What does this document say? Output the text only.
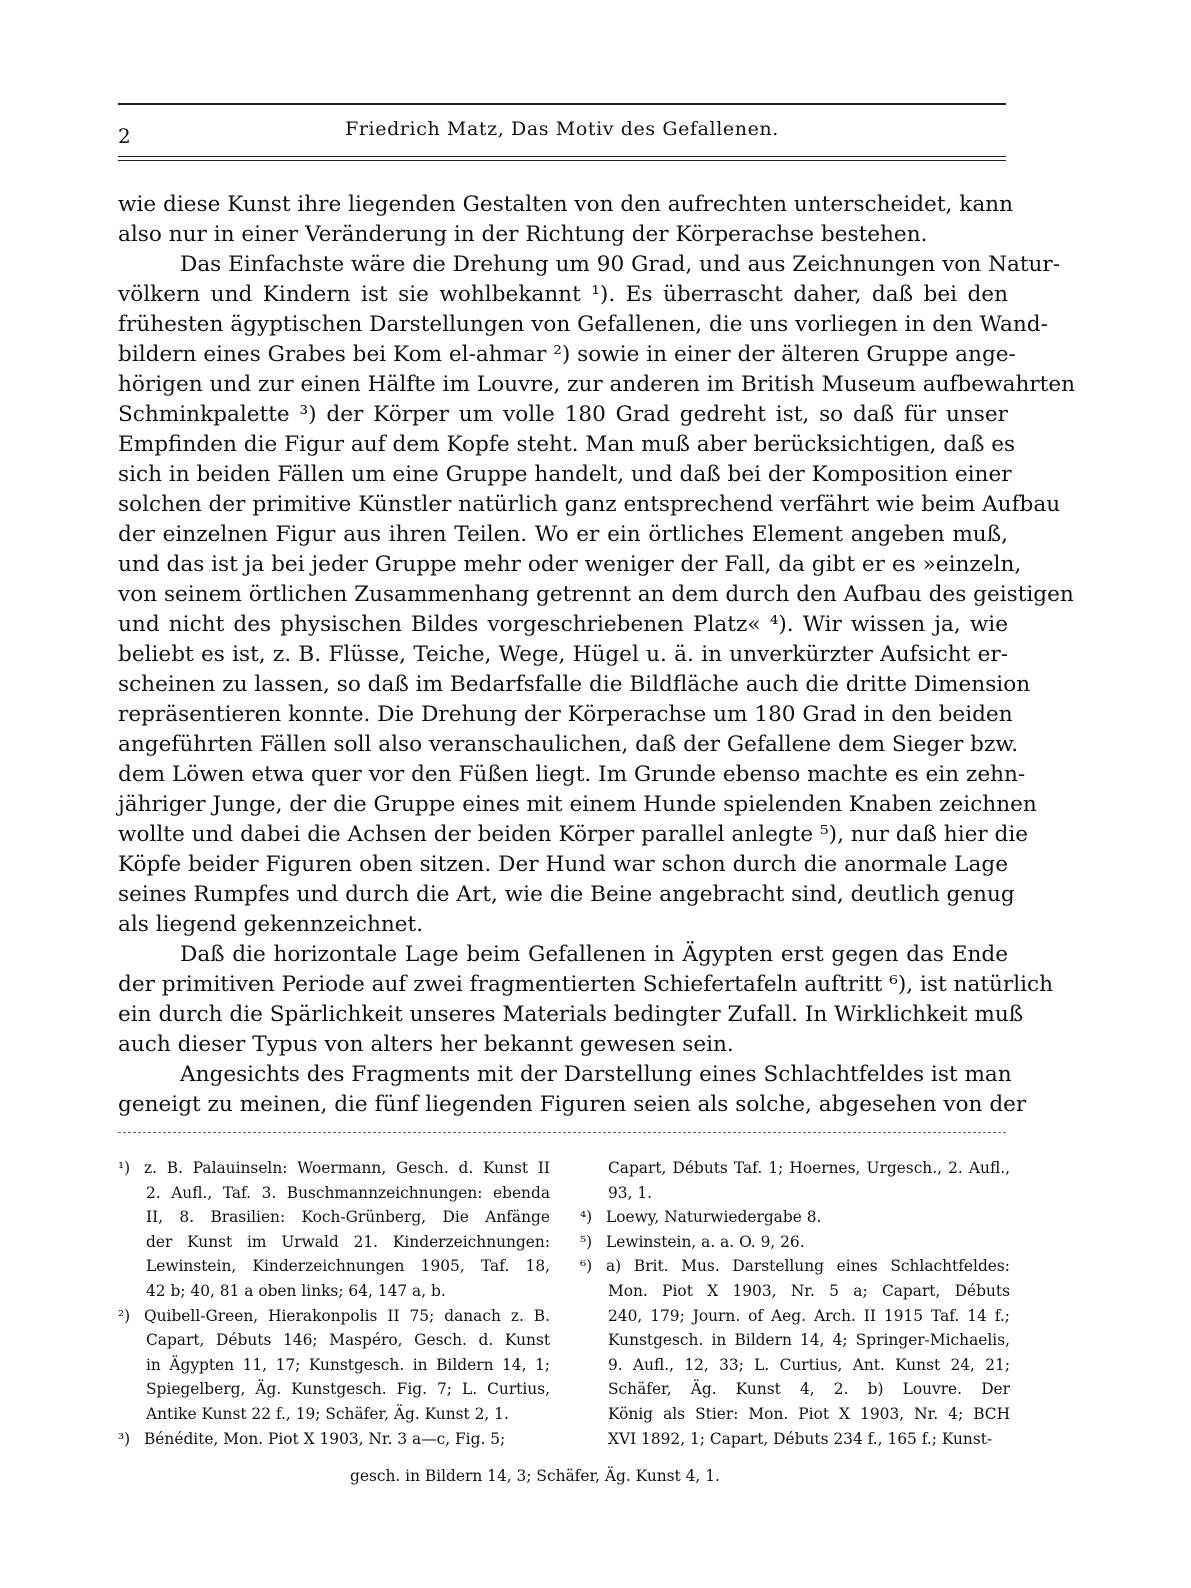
2	Friedrich Matz, Das Motiv des Gefallenen.
wie diese Kunst ihre liegenden Gestalten von den aufrechten unterscheidet, kann
also nur in einer Veränderung in der Richtung der Körperachse bestehen.
Das Einfachste wäre die Drehung um 90 Grad, und aus Zeichnungen von Natur-
völkern und Kindern ist sie wohlbekannt ¹). Es überrascht daher, daß bei den
frühesten ägyptischen Darstellungen von Gefallenen, die uns vorliegen in den Wand-
bildern eines Grabes bei Kom el-ahmar ²) sowie in einer der älteren Gruppe ange-
hörigen und zur einen Hälfte im Louvre, zur anderen im British Museum aufbewahrten
Schminkpalette ³) der Körper um volle 180 Grad gedreht ist, so daß für unser
Empfinden die Figur auf dem Kopfe steht. Man muß aber berücksichtigen, daß es
sich in beiden Fällen um eine Gruppe handelt, und daß bei der Komposition einer
solchen der primitive Künstler natürlich ganz entsprechend verfährt wie beim Aufbau
der einzelnen Figur aus ihren Teilen. Wo er ein örtliches Element angeben muß,
und das ist ja bei jeder Gruppe mehr oder weniger der Fall, da gibt er es »einzeln,
von seinem örtlichen Zusammenhang getrennt an dem durch den Aufbau des geistigen
und nicht des physischen Bildes vorgeschriebenen Platz« ⁴). Wir wissen ja, wie
beliebt es ist, z. B. Flüsse, Teiche, Wege, Hügel u. ä. in unverkürzter Aufsicht er-
scheinen zu lassen, so daß im Bedarfsfalle die Bildfläche auch die dritte Dimension
repräsentieren konnte. Die Drehung der Körperachse um 180 Grad in den beiden
angeführten Fällen soll also veranschaulichen, daß der Gefallene dem Sieger bzw.
dem Löwen etwa quer vor den Füßen liegt. Im Grunde ebenso machte es ein zehn-
jähriger Junge, der die Gruppe eines mit einem Hunde spielenden Knaben zeichnen
wollte und dabei die Achsen der beiden Körper parallel anlegte ⁵), nur daß hier die
Köpfe beider Figuren oben sitzen. Der Hund war schon durch die anormale Lage
seines Rumpfes und durch die Art, wie die Beine angebracht sind, deutlich genug
als liegend gekennzeichnet.
Daß die horizontale Lage beim Gefallenen in Ägypten erst gegen das Ende
der primitiven Periode auf zwei fragmentierten Schiefertafeln auftritt ⁶), ist natürlich
ein durch die Spärlichkeit unseres Materials bedingter Zufall. In Wirklichkeit muß
auch dieser Typus von alters her bekannt gewesen sein.
Angesichts des Fragments mit der Darstellung eines Schlachtfeldes ist man
geneigt zu meinen, die fünf liegenden Figuren seien als solche, abgesehen von der
¹) z. B. Palauinseln: Woermann, Gesch. d. Kunst II
2. Aufl., Taf. 3. Buschmannzeichnungen: ebenda
II, 8. Brasilien: Koch-Grünberg, Die Anfänge
der Kunst im Urwald 21. Kinderzeichnungen:
Lewinstein, Kinderzeichnungen 1905, Taf. 18,
42 b; 40, 81 a oben links; 64, 147 a, b.
²) Quibell-Green, Hierakonpolis II 75; danach z. B.
Capart, Débuts 146; Maspéro, Gesch. d. Kunst
in Ägypten 11, 17; Kunstgesch. in Bildern 14, 1;
Spiegelberg, Äg. Kunstgesch. Fig. 7; L. Curtius,
Antike Kunst 22 f., 19; Schäfer, Äg. Kunst 2, 1.
³) Bénédite, Mon. Piot X 1903, Nr. 3 a—c, Fig. 5;
Capart, Débuts Taf. 1; Hoernes, Urgesch., 2. Aufl.,
93, 1.
⁴) Loewy, Naturwiedergabe 8.
⁵) Lewinstein, a. a. O. 9, 26.
⁶) a) Brit. Mus. Darstellung eines Schlachtfeldes:
Mon. Piot X 1903, Nr. 5 a; Capart, Débuts
240, 179; Journ. of Aeg. Arch. II 1915 Taf. 14 f.;
Kunstgesch. in Bildern 14, 4; Springer-Michaelis,
9. Aufl., 12, 33; L. Curtius, Ant. Kunst 24, 21;
Schäfer, Äg. Kunst 4, 2. b) Louvre. Der
König als Stier: Mon. Piot X 1903, Nr. 4; BCH
XVI 1892, 1; Capart, Débuts 234 f., 165 f.; Kunst-
gesch. in Bildern 14, 3; Schäfer, Äg. Kunst 4, 1.
